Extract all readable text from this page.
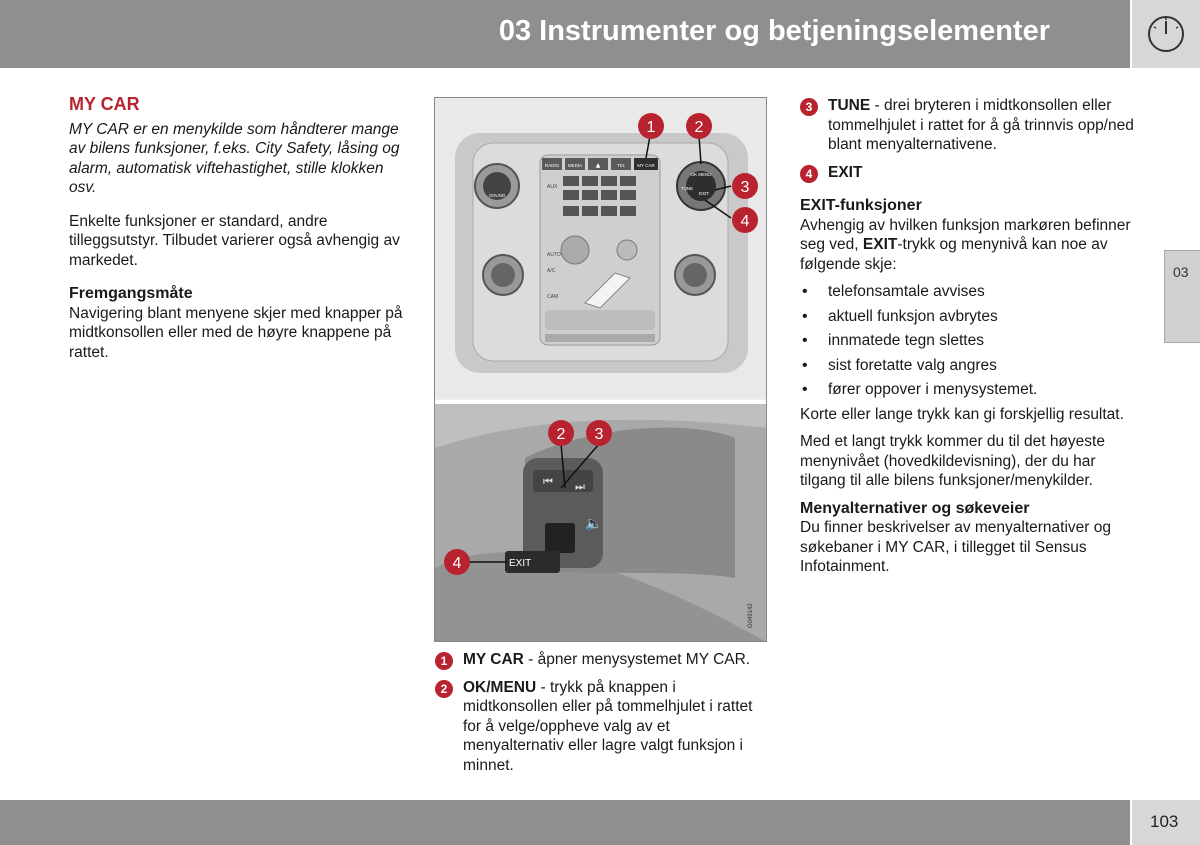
03 Instrumenter og betjeningselementer
03
MY CAR

MY CAR er en menykilde som håndterer mange av bilens funksjoner, f.eks. City Safety, låsing og alarm, automatisk viftehastighet, stille klokken osv.

Enkelte funksjoner er standard, andre tilleggsutstyr. Tilbudet varierer også avhengig av markedet.

Fremgangsmåte

Navigering blant menyene skjer med knapper på midtkonsollen eller med de høyre knappene på rattet.

RADIO MEDIA ▲	TEL	MY CAR
AUX
A/C
CAM
AUTO
SOUND
OK MENU
TUNE
EXIT
1 2
3
4
⏮ ⏭
EXIT
🔈
2 3
4
G049142
1	MY CAR - åpner menysystemet MY CAR.
2	OK/MENU - trykk på knappen i midtkonsollen eller på tommelhjulet i rattet for å velge/oppheve valg av et menyalternativ eller lagre valgt funksjon i minnet.
3	TUNE - drei bryteren i midtkonsollen eller tommelhjulet i rattet for å gå trinnvis opp/ned blant menyalternativene.
4	EXIT
EXIT-funksjoner

Avhengig av hvilken funksjon markøren befinner seg ved, EXIT-trykk og menynivå kan noe av følgende skje:

• telefonsamtale avvises
• aktuell funksjon avbrytes
• innmatede tegn slettes
• sist foretatte valg angres
• fører oppover i menysystemet.

Korte eller lange trykk kan gi forskjellig resultat.

Med et langt trykk kommer du til det høyeste menynivået (hovedkildevisning), der du har tilgang til alle bilens funksjoner/menykilder.

Menyalternativer og søkeveier

Du finner beskrivelser av menyalternativer og søkebaner i MY CAR, i tillegget til Sensus Infotainment.

103
